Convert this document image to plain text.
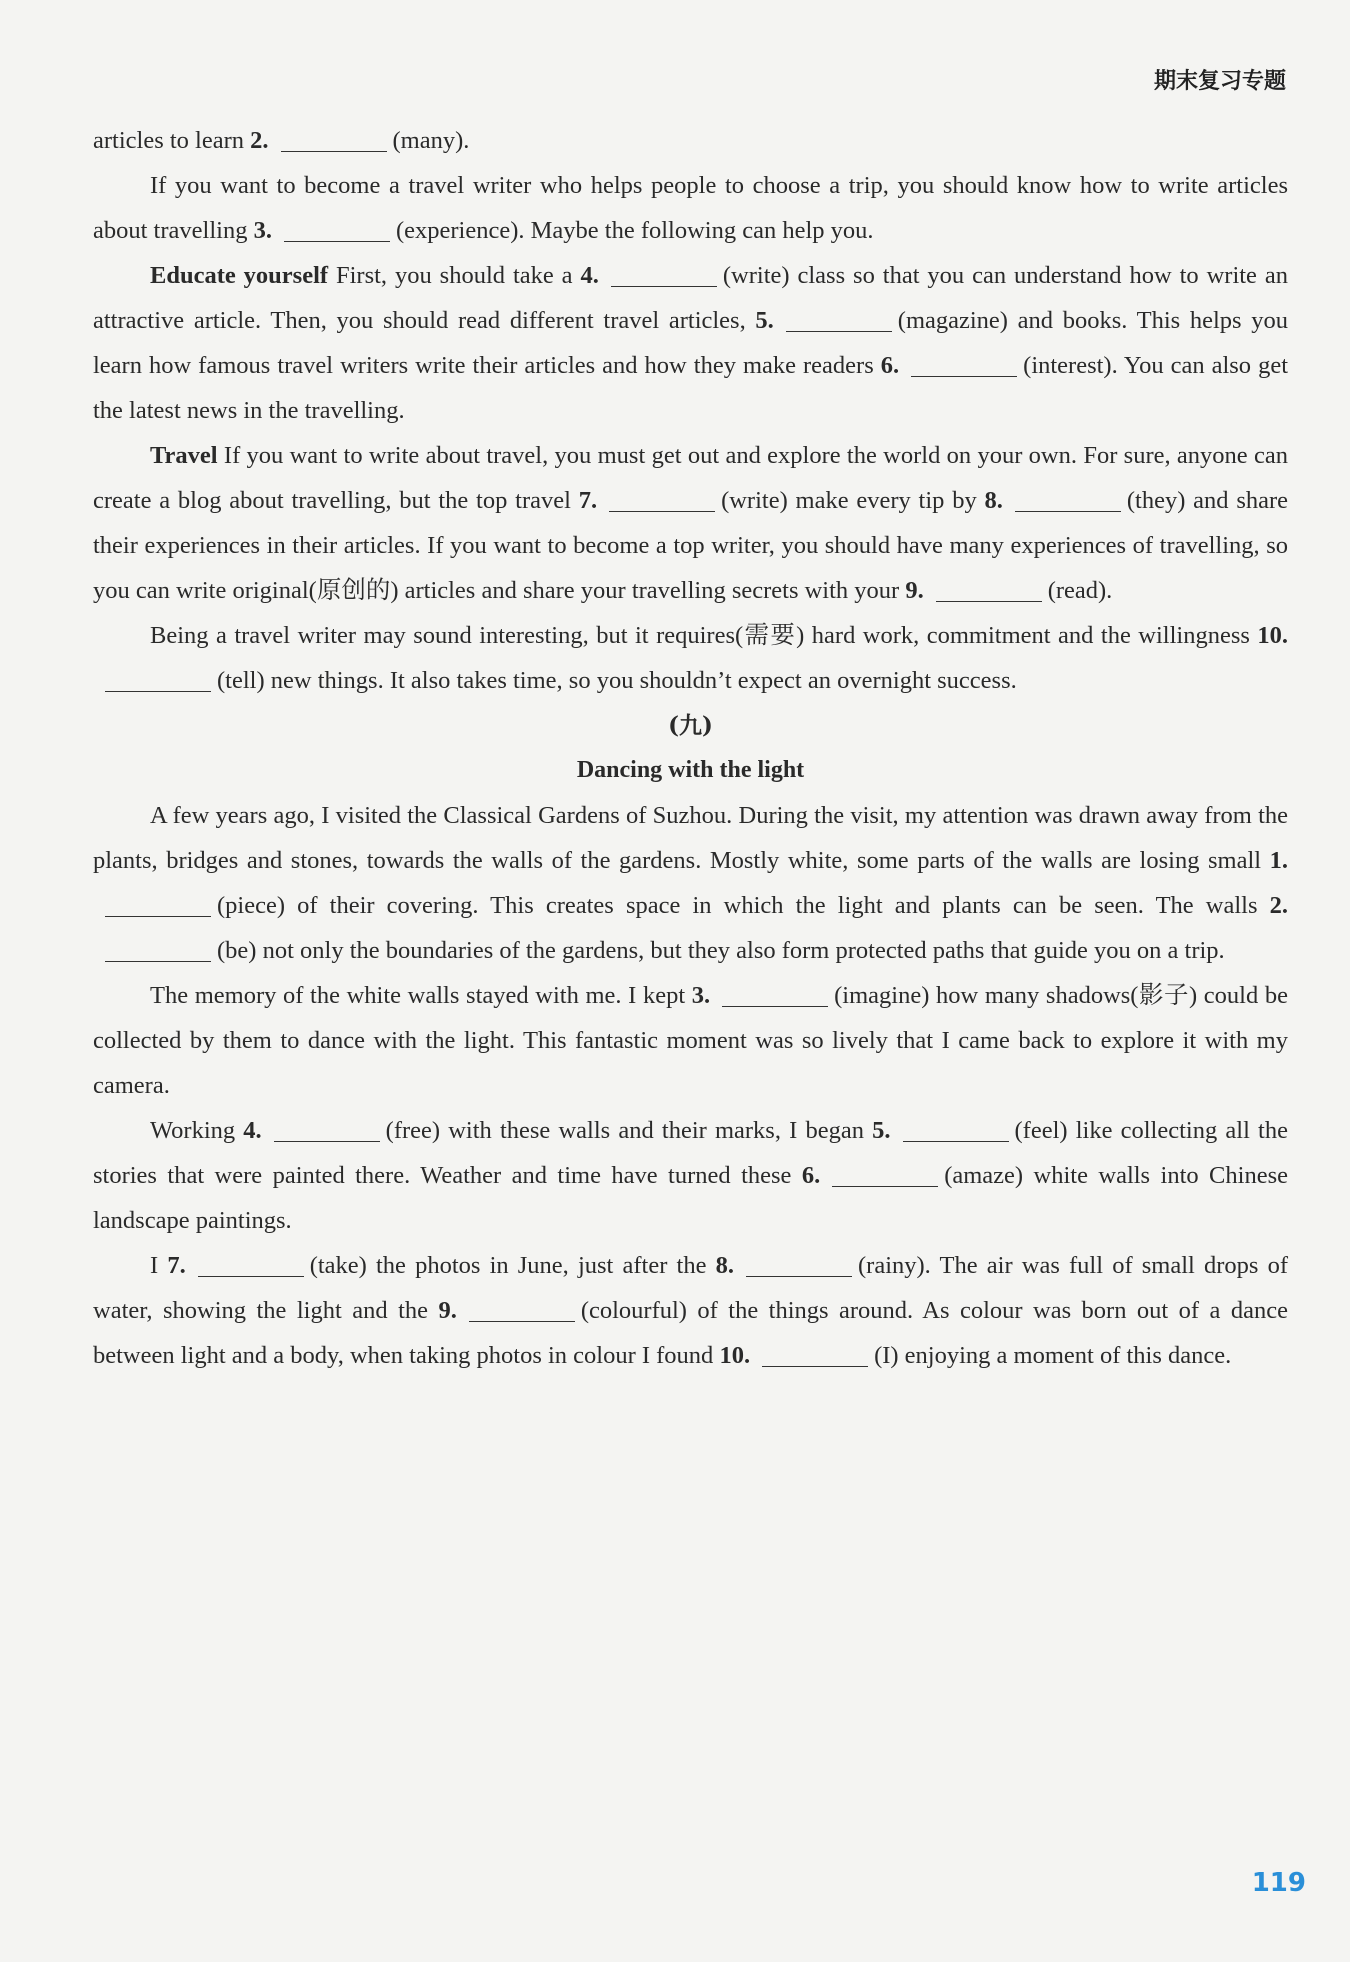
期末复习专题

articles to learn 2.	(many).

If you want to become a travel writer who helps people to choose a trip, you should know how to write articles about travelling 3.	(experience). Maybe the following can help you.

Educate yourself First, you should take a 4.	(write) class so that you can understand how to write an attractive article. Then, you should read different travel articles, 5.	(magazine) and books. This helps you learn how famous travel writers write their articles and how they make readers 6.	(interest). You can also get the latest news in the travelling.

Travel If you want to write about travel, you must get out and explore the world on your own. For sure, anyone can create a blog about travelling, but the top travel 7.	(write) make every tip by 8.	(they) and share their experiences in their articles. If you want to become a top writer, you should have many experiences of travelling, so you can write original(原创的) articles and share your travelling secrets with your 9.	(read).

Being a travel writer may sound interesting, but it requires(需要) hard work, commitment and the willingness 10.(tell) new things. It also takes time, so you shouldn’t expect an overnight success.

(九)

Dancing with the light

A few years ago, I visited the Classical Gardens of Suzhou. During the visit, my attention was drawn away from the plants, bridges and stones, towards the walls of the gardens. Mostly white, some parts of the walls are losing small 1.(piece) of their covering. This creates space in which the light and plants can be seen. The walls 2.(be) not only the boundaries of the gardens, but they also form protected paths that guide you on a trip.

The memory of the white walls stayed with me. I kept 3.	(imagine) how many shadows(影子) could be collected by them to dance with the light. This fantastic moment was so lively that I came back to explore it with my camera.

Working 4.	(free) with these walls and their marks, I began 5.	(feel) like collecting all the stories that were painted there. Weather and time have turned these 6.	(amaze) white walls into Chinese landscape paintings.

I 7.	(take) the photos in June, just after the 8.	(rainy). The air was full of small drops of water, showing the light and the 9.	(colourful) of the things around. As colour was born out of a dance between light and a body, when taking photos in colour I found 10.	(I) enjoying a moment of this dance.

119
